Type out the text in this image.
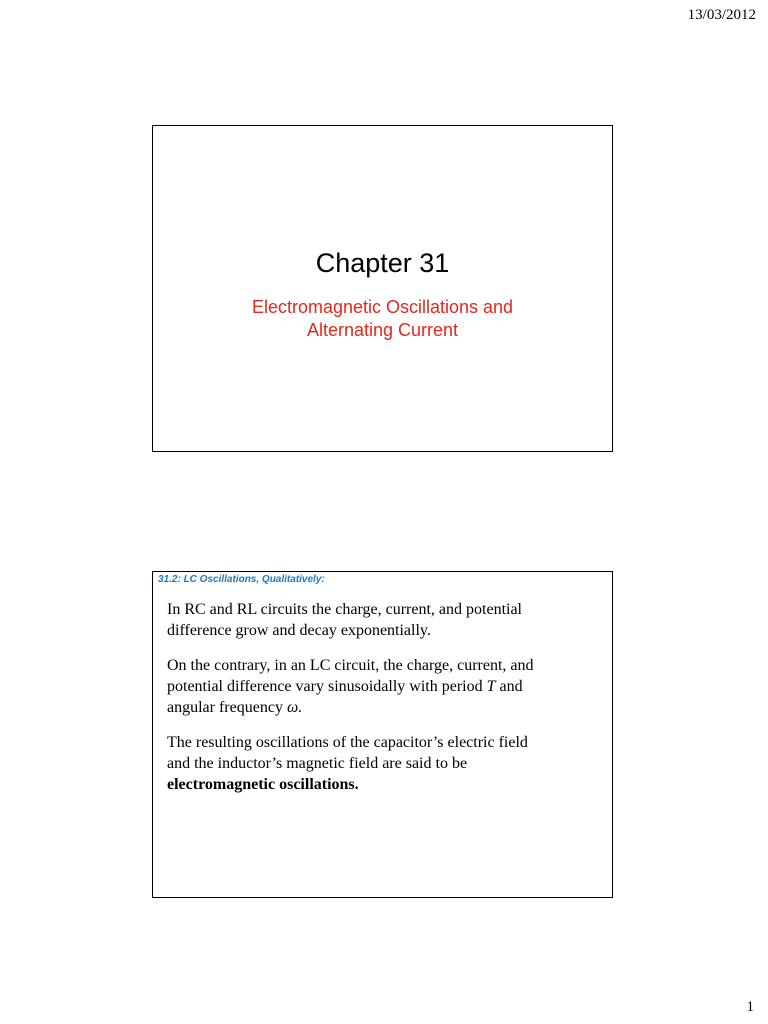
13/03/2012
Chapter 31
Electromagnetic Oscillations and
Alternating Current
31.2: LC Oscillations, Qualitatively:

In RC and RL circuits the charge, current, and potential
difference grow and decay exponentially.

On the contrary, in an LC circuit, the charge, current, and
potential difference vary sinusoidally with period T and
angular frequency ω.

The resulting oscillations of the capacitor’s electric field
and the inductor’s magnetic field are said to be
electromagnetic oscillations.

1
